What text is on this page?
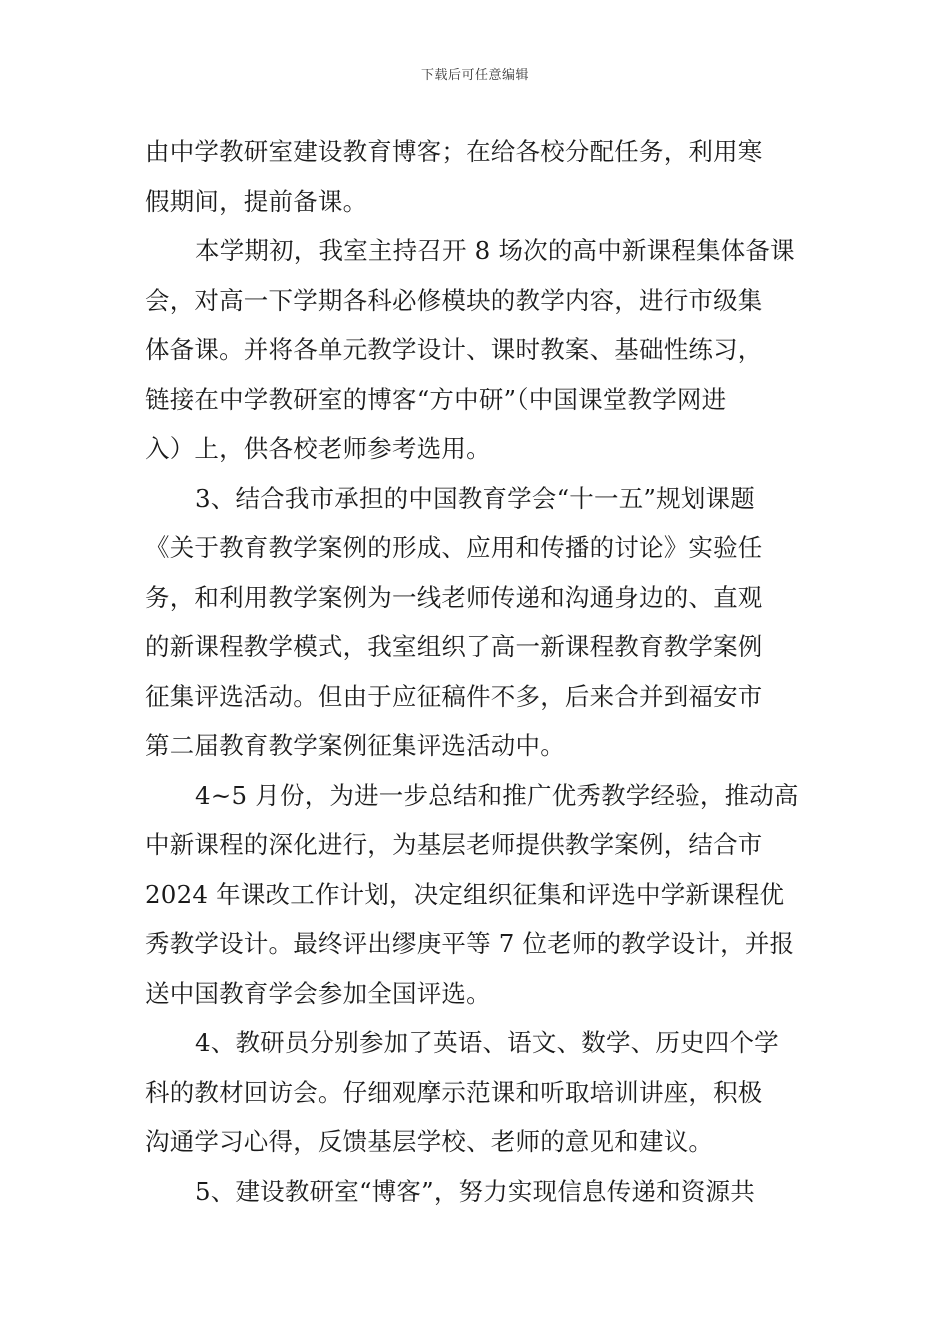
下载后可任意编辑
由中学教研室建设教育博客；在给各校分配任务，利用寒
假期间，提前备课。
本学期初，我室主持召开 8 场次的高中新课程集体备课
会，对高一下学期各科必修模块的教学内容，进行市级集
体备课。并将各单元教学设计、课时教案、基础性练习，
链接在中学教研室的博客“方中研”（中国课堂教学网进
入）上，供各校老师参考选用。
3、结合我市承担的中国教育学会“十一五”规划课题
《关于教育教学案例的形成、应用和传播的讨论》实验任
务，和利用教学案例为一线老师传递和沟通身边的、直观
的新课程教学模式，我室组织了高一新课程教育教学案例
征集评选活动。但由于应征稿件不多，后来合并到福安市
第二届教育教学案例征集评选活动中。
4~5 月份，为进一步总结和推广优秀教学经验，推动高
中新课程的深化进行，为基层老师提供教学案例，结合市
2024 年课改工作计划，决定组织征集和评选中学新课程优
秀教学设计。最终评出缪庚平等 7 位老师的教学设计，并报
送中国教育学会参加全国评选。
4、教研员分别参加了英语、语文、数学、历史四个学
科的教材回访会。仔细观摩示范课和听取培训讲座，积极
沟通学习心得，反馈基层学校、老师的意见和建议。
5、建设教研室“博客”，努力实现信息传递和资源共
